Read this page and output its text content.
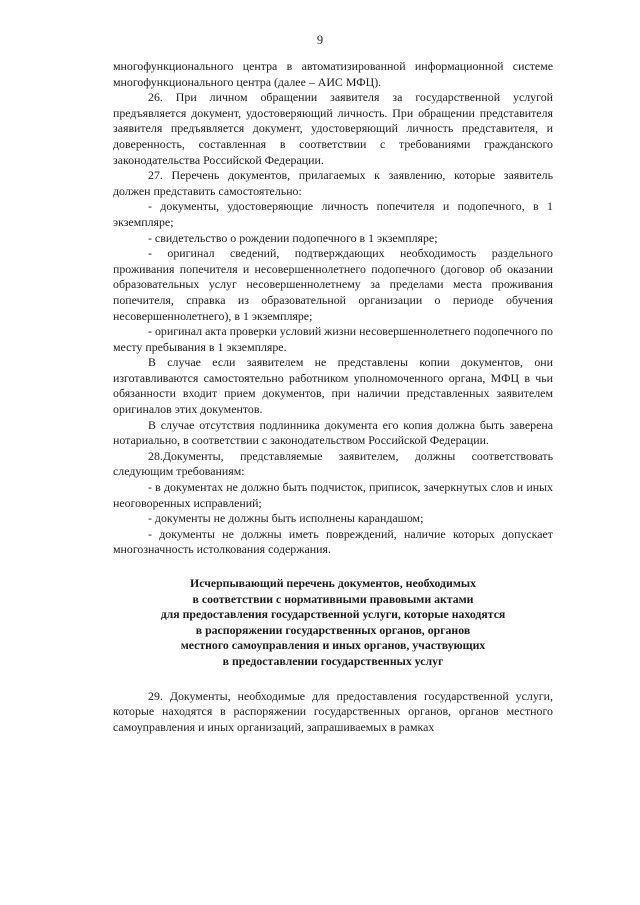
9

многофункционального центра в автоматизированной информационной системе многофункционального центра (далее – АИС МФЦ).

26. При личном обращении заявителя за государственной услугой предъявляется документ, удостоверяющий личность. При обращении представителя заявителя предъявляется документ, удостоверяющий личность представителя, и доверенность, составленная в соответствии с требованиями гражданского законодательства Российской Федерации.

27. Перечень документов, прилагаемых к заявлению, которые заявитель должен представить самостоятельно:

- документы, удостоверяющие личность попечителя и подопечного, в 1 экземпляре;

- свидетельство о рождении подопечного в 1 экземпляре;

- оригинал сведений, подтверждающих необходимость раздельного проживания попечителя и несовершеннолетнего подопечного (договор об оказании образовательных услуг несовершеннолетнему за пределами места проживания попечителя, справка из образовательной организации о периоде обучения несовершеннолетнего), в 1 экземпляре;

- оригинал акта проверки условий жизни несовершеннолетнего подопечного по месту пребывания в 1 экземпляре.

В случае если заявителем не представлены копии документов, они изготавливаются самостоятельно работником уполномоченного органа, МФЦ в чьи обязанности входит прием документов, при наличии представленных заявителем оригиналов этих документов.

В случае отсутствия подлинника документа его копия должна быть заверена нотариально, в соответствии с законодательством Российской Федерации.

28.Документы, представляемые заявителем, должны соответствовать следующим требованиям:

- в документах не должно быть подчисток, приписок, зачеркнутых слов и иных неоговоренных исправлений;

- документы не должны быть исполнены карандашом;

- документы не должны иметь повреждений, наличие которых допускает многозначность истолкования содержания.

Исчерпывающий перечень документов, необходимых
в соответствии с нормативными правовыми актами
для предоставления государственной услуги, которые находятся
в распоряжении государственных органов, органов
местного самоуправления и иных органов, участвующих
в предоставлении государственных услуг

29. Документы, необходимые для предоставления государственной услуги, которые находятся в распоряжении государственных органов, органов местного самоуправления и иных организаций, запрашиваемых в рамках
